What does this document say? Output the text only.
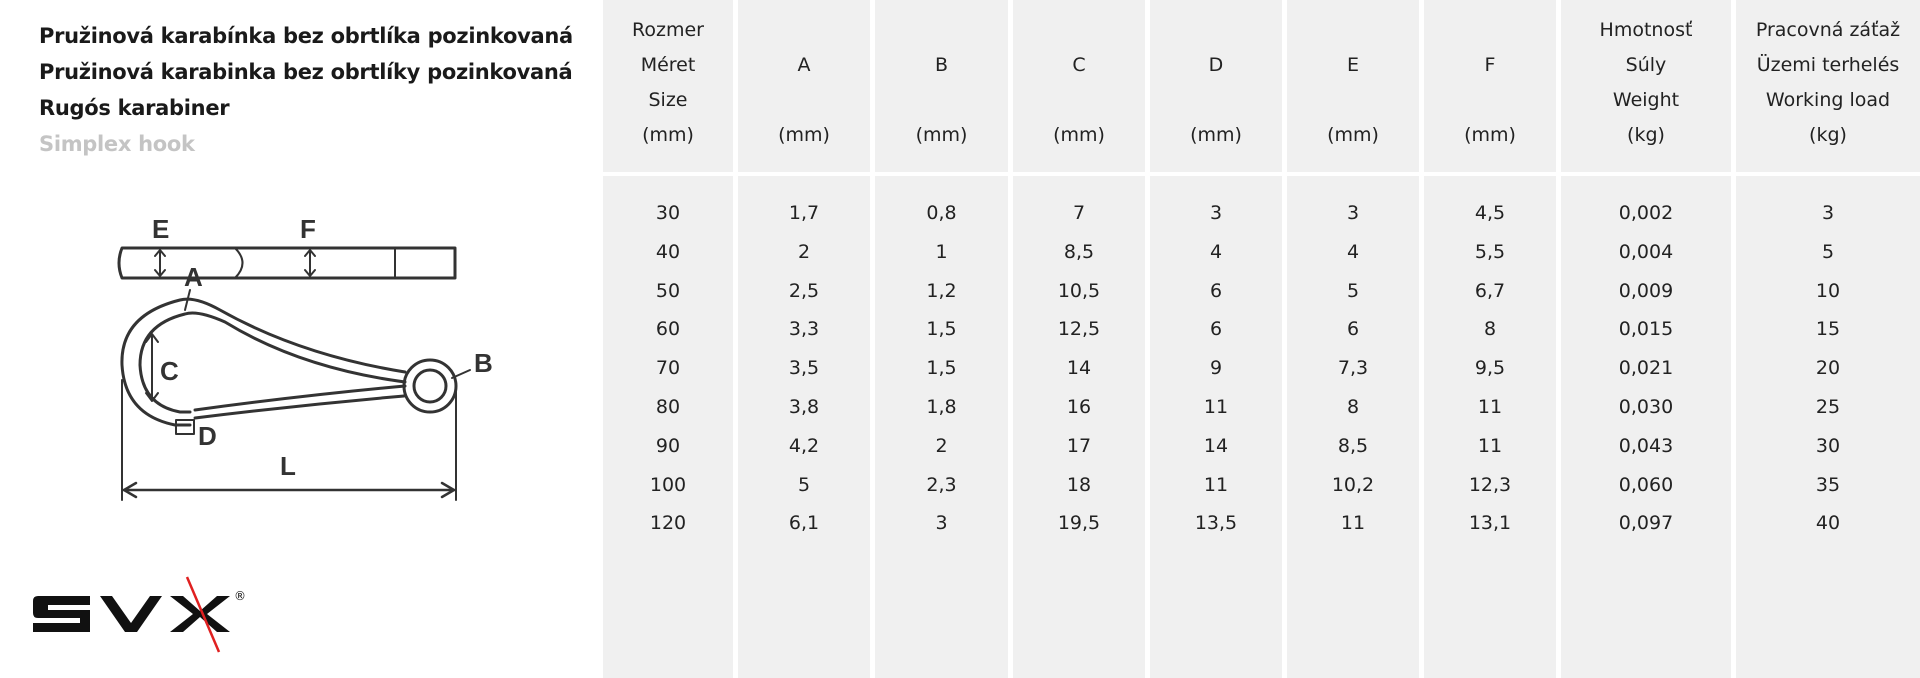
Pružinová karabínka bez obrtlíka pozinkovaná
Pružinová karabinka bez obrtlíky pozinkovaná
Rugós karabiner
Simplex hook
E	F
A
B
C
D
L
®
Rozmer
Méret
Size
(mm)
30
40
50
60
70
80
90
100
120
A
(mm)
1,7
2
2,5
3,3
3,5
3,8
4,2
5
6,1
B
(mm)
0,8
1
1,2
1,5
1,5
1,8
2
2,3
3
C
(mm)
7
8,5
10,5
12,5
14
16
17
18
19,5
D
(mm)
3
4
6
6
9
11
14
11
13,5
E
(mm)
3
4
5
6
7,3
8
8,5
10,2
11
F
(mm)
4,5
5,5
6,7
8
9,5
11
11
12,3
13,1
Hmotnosť
Súly
Weight
(kg)
0,002
0,004
0,009
0,015
0,021
0,030
0,043
0,060
0,097
Pracovná záťaž
Üzemi terhelés
Working load
(kg)
3
5
10
15
20
25
30
35
40
